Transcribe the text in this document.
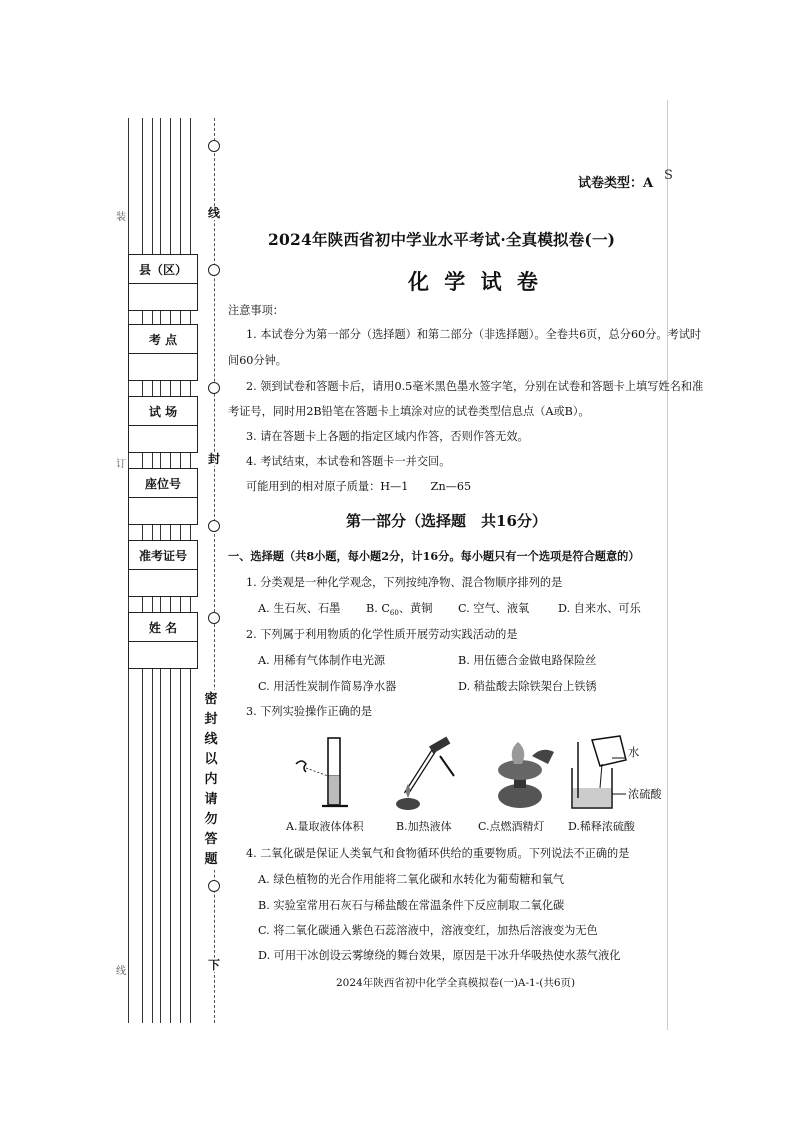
线
封
下
密封线以内请勿答题
装
订
线
县（区）
考 点
试 场
座位号
准考证号
姓 名
S
试卷类型：A
2024年陕西省初中学业水平考试·全真模拟卷(一)
化 学 试 卷
注意事项：
1. 本试卷分为第一部分（选择题）和第二部分（非选择题）。全卷共6页，总分60分。考试时
间60分钟。
2. 领到试卷和答题卡后，请用0.5毫米黑色墨水签字笔，分别在试卷和答题卡上填写姓名和准
考证号，同时用2B铅笔在答题卡上填涂对应的试卷类型信息点（A或B）。
3. 请在答题卡上各题的指定区域内作答，否则作答无效。
4. 考试结束，本试卷和答题卡一并交回。
可能用到的相对原子质量：H—1　　Zn—65
第一部分（选择题　共16分）
一、选择题（共8小题，每小题2分，计16分。每小题只有一个选项是符合题意的）
1. 分类观是一种化学观念，下列按纯净物、混合物顺序排列的是
A. 生石灰、石墨 B. $C_{60}$、黄铜 C. 空气、液氧	D. 自来水、可乐
2. 下列属于利用物质的化学性质开展劳动实践活动的是
A. 用稀有气体制作电光源	B. 用伍德合金做电路保险丝
C. 用活性炭制作简易净水器	D. 稍盐酸去除铁架台上铁锈
3. 下列实验操作正确的是
水
浓硫酸
A.量取液体体积	B.加热液体 C.点燃酒精灯 D.稀释浓硫酸
4. 二氧化碳是保证人类氧气和食物循环供给的重要物质。下列说法不正确的是
A. 绿色植物的光合作用能将二氧化碳和水转化为葡萄糖和氧气
B. 实验室常用石灰石与稀盐酸在常温条件下反应制取二氧化碳
C. 将二氧化碳通入紫色石蕊溶液中，溶液变红，加热后溶液变为无色
D. 可用干冰创设云雾缭绕的舞台效果，原因是干冰升华吸热使水蒸气液化
2024年陕西省初中化学全真模拟卷(一)A-1-(共6页)
